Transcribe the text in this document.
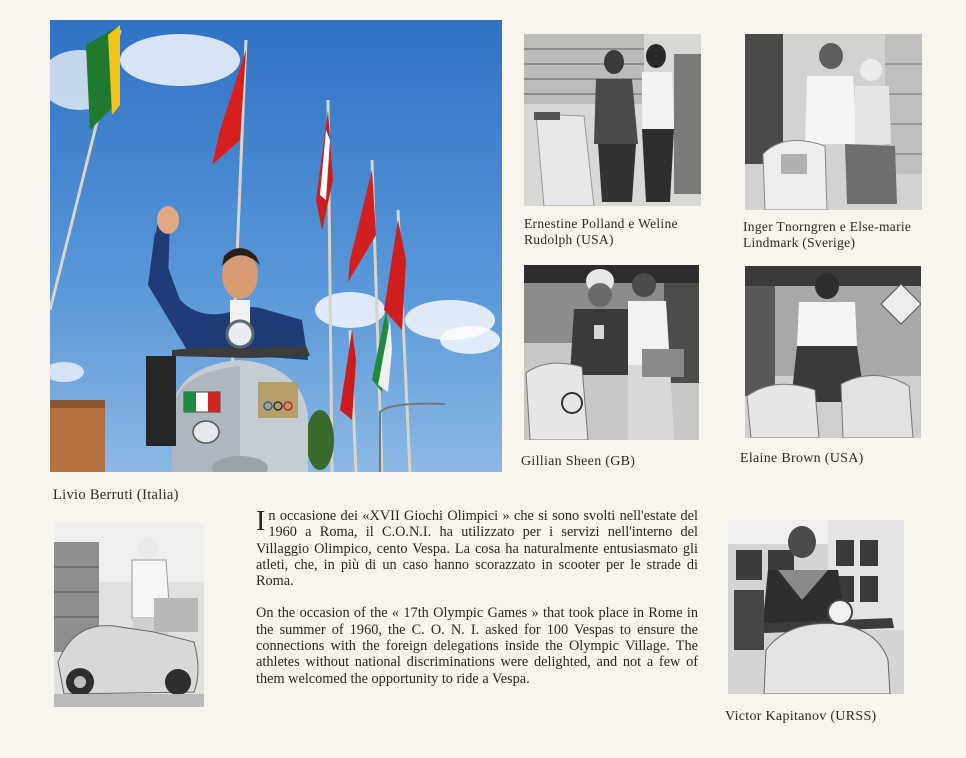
Livio Berruti (Italia)
Ernestine Polland e Weline Rudolph (USA)
Inger Tnorngren e Else-marie Lindmark (Sverige)
Gillian Sheen (GB)	Elaine Brown (USA)

In occasione dei «XVII Giochi Olimpici » che si sono svolti nell'estate del 1960 a Roma, il C.O.N.I. ha utilizzato per i servizi nell'interno del Villaggio Olimpico, cento Vespa. La cosa ha naturalmente entusiasmato gli atleti, che, in più di un caso hanno scorazzato in scooter per le strade di Roma.

On the occasion of the « 17th Olympic Games » that took place in Rome in the summer of 1960, the C. O. N. I. asked for 100 Vespas to ensure the connections with the foreign delegations inside the Olympic Village. The athletes without national discriminations were delighted, and not a few of them welcomed the opportunity to ride a Vespa.

Victor Kapitanov (URSS)
